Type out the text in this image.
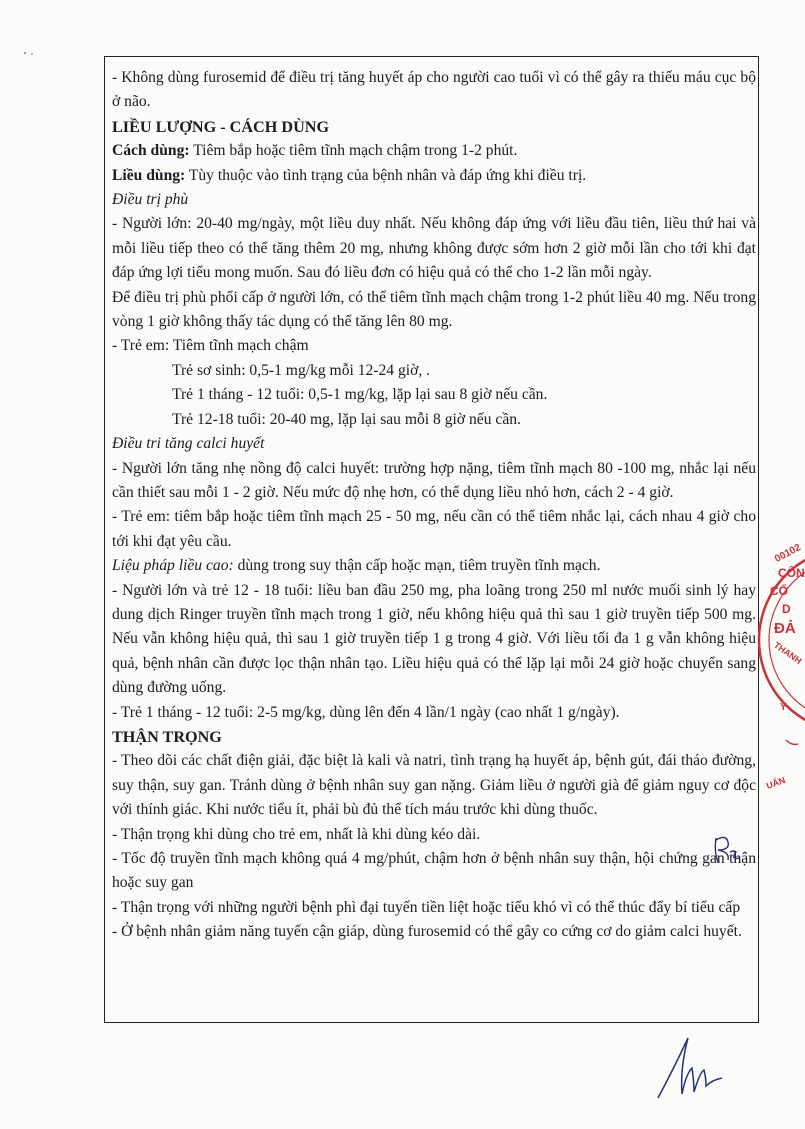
- Không dùng furosemid để điều trị tăng huyết áp cho người cao tuổi vì có thể gây ra thiếu máu cục bộ ở não.

LIỀU LƯỢNG - CÁCH DÙNG

Cách dùng: Tiêm bắp hoặc tiêm tĩnh mạch chậm trong 1-2 phút.

Liều dùng: Tùy thuộc vào tình trạng của bệnh nhân và đáp ứng khi điều trị.

Điều trị phù

- Người lớn: 20-40 mg/ngày, một liều duy nhất. Nếu không đáp ứng với liều đầu tiên, liều thứ hai và mỗi liều tiếp theo có thể tăng thêm 20 mg, nhưng không được sớm hơn 2 giờ mỗi lần cho tới khi đạt đáp ứng lợi tiểu mong muốn. Sau đó liều đơn có hiệu quả có thể cho 1-2 lần mỗi ngày.

Để điều trị phù phổi cấp ở người lớn, có thể tiêm tĩnh mạch chậm trong 1-2 phút liều 40 mg. Nếu trong vòng 1 giờ không thấy tác dụng có thể tăng lên 80 mg.

- Trẻ em: Tiêm tĩnh mạch chậm

Trẻ sơ sinh: 0,5-1 mg/kg mỗi 12-24 giờ, .

Trẻ 1 tháng - 12 tuổi: 0,5-1 mg/kg, lặp lại sau 8 giờ nếu cần.

Trẻ 12-18 tuổi: 20-40 mg, lặp lại sau mỗi 8 giờ nếu cần.

Điều tri tăng calci huyết

- Người lớn tăng nhẹ nồng độ calci huyết: trường hợp nặng, tiêm tĩnh mạch 80 -100 mg, nhắc lại nếu cần thiết sau mỗi 1 - 2 giờ. Nếu mức độ nhẹ hơn, có thể dụng liều nhỏ hơn, cách 2 - 4 giờ.

- Trẻ em: tiêm bắp hoặc tiêm tĩnh mạch 25 - 50 mg, nếu cần có thể tiêm nhắc lại, cách nhau 4 giờ cho tới khi đạt yêu cầu.

Liệu pháp liều cao: dùng trong suy thận cấp hoặc mạn, tiêm truyền tĩnh mạch.

- Người lớn và trẻ 12 - 18 tuổi: liều ban đầu 250 mg, pha loãng trong 250 ml nước muối sinh lý hay dung dịch Ringer truyền tĩnh mạch trong 1 giờ, nếu không hiệu quả thì sau 1 giờ truyền tiếp 500 mg. Nếu vẫn không hiệu quả, thì sau 1 giờ truyền tiếp 1 g trong 4 giờ. Với liều tối đa 1 g vẫn không hiệu quả, bệnh nhân cần được lọc thận nhân tạo. Liều hiệu quả có thể lặp lại mỗi 24 giờ hoặc chuyển sang dùng đường uống.

- Trẻ 1 tháng - 12 tuổi: 2-5 mg/kg, dùng lên đến 4 lần/1 ngày (cao nhất 1 g/ngày).

THẬN TRỌNG

- Theo dõi các chất điện giải, đặc biệt là kali và natri, tình trạng hạ huyết áp, bệnh gút, đái tháo đường, suy thận, suy gan. Tránh dùng ở bệnh nhân suy gan nặng. Giảm liều ở người già để giảm nguy cơ độc với thính giác. Khi nước tiểu ít, phải bù đủ thể tích máu trước khi dùng thuốc.

- Thận trọng khi dùng cho trẻ em, nhất là khi dùng kéo dài.

- Tốc độ truyền tĩnh mạch không quá 4 mg/phút, chậm hơn ở bệnh nhân suy thận, hội chứng gan thận hoặc suy gan

- Thận trọng với những người bệnh phì đại tuyến tiền liệt hoặc tiểu khó vì có thể thúc đẩy bí tiểu cấp

- Ở bệnh nhân giảm năng tuyến cận giáp, dùng furosemid có thể gây co cứng cơ do giảm calci huyết.

00102
CÔN
CỔ
D
ĐẢ
THANH
Y
UẤN
